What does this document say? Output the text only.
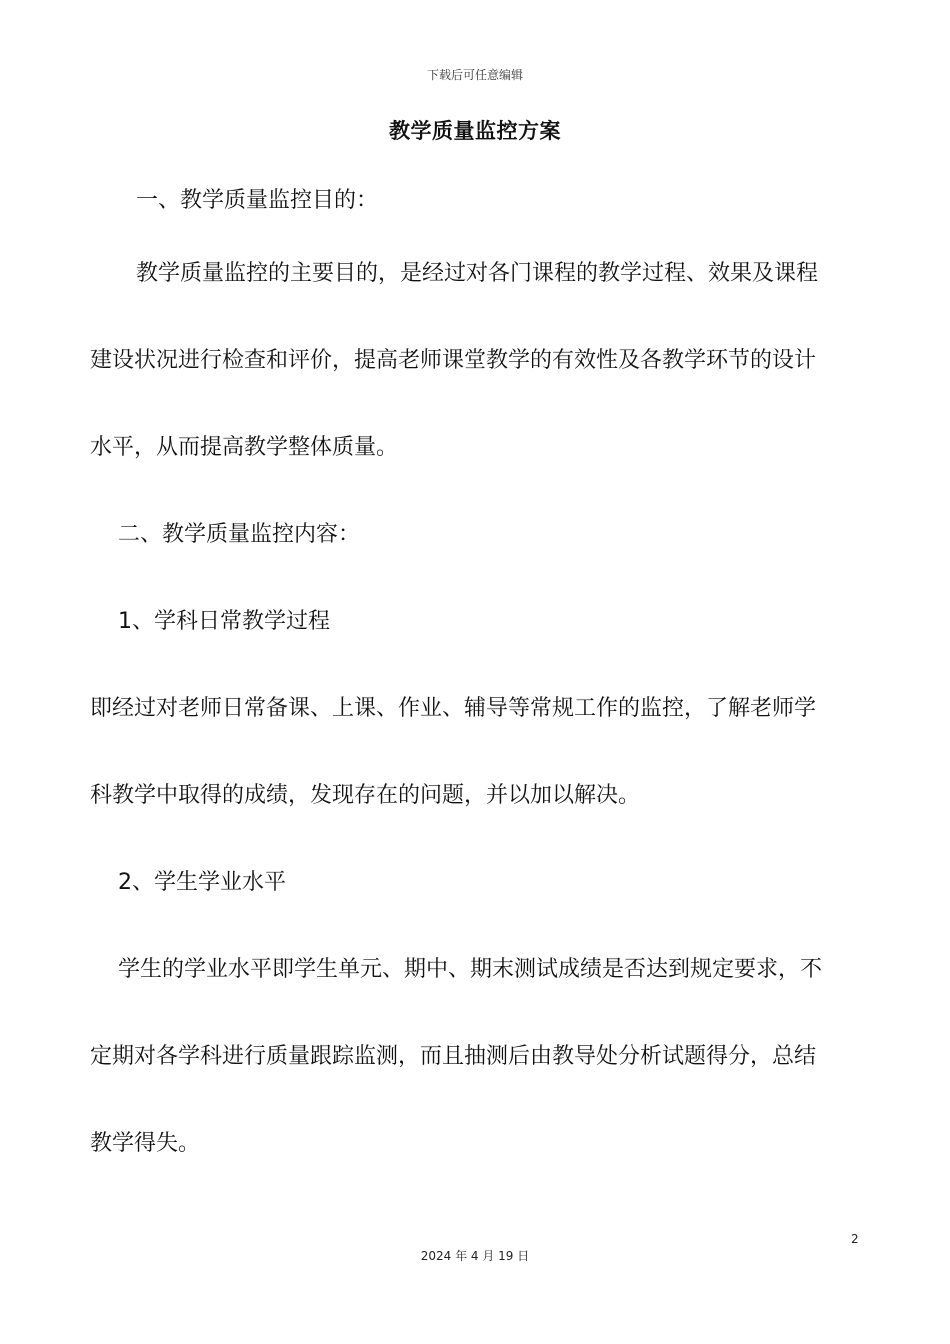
下载后可任意编辑
教学质量监控方案
一、教学质量监控目的：
教学质量监控的主要目的，是经过对各门课程的教学过程、效果及课程
建设状况进行检查和评价，提高老师课堂教学的有效性及各教学环节的设计
水平，从而提高教学整体质量。
二、教学质量监控内容：
1、学科日常教学过程
即经过对老师日常备课、上课、作业、辅导等常规工作的监控，了解老师学
科教学中取得的成绩，发现存在的问题，并以加以解决。
2、学生学业水平
学生的学业水平即学生单元、期中、期末测试成绩是否达到规定要求，不
定期对各学科进行质量跟踪监测，而且抽测后由教导处分析试题得分，总结
教学得失。
2
2024 年 4 月 19 日
